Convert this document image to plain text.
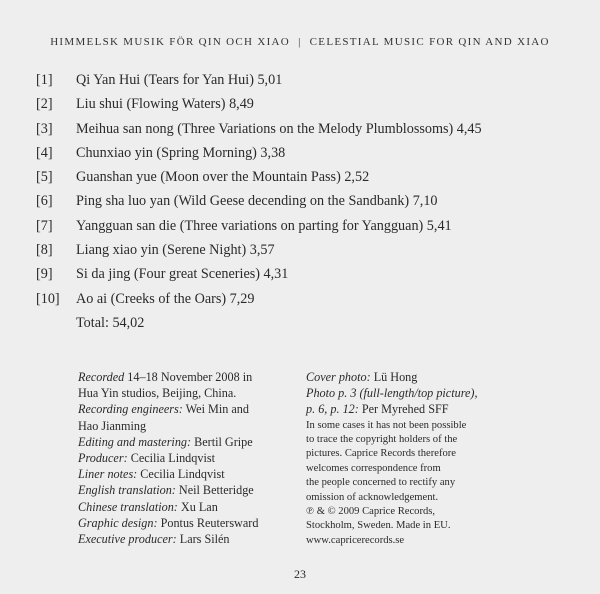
HIMMELSK MUSIK FÖR QIN OCH XIAO | CELESTIAL MUSIC FOR QIN AND XIAO
[1]	Qi Yan Hui (Tears for Yan Hui) 5,01
[2]	Liu shui (Flowing Waters) 8,49
[3]	Meihua san nong (Three Variations on the Melody Plumblossoms) 4,45
[4]	Chunxiao yin (Spring Morning) 3,38
[5]	Guanshan yue (Moon over the Mountain Pass) 2,52
[6]	Ping sha luo yan (Wild Geese decending on the Sandbank) 7,10
[7]	Yangguan san die (Three variations on parting for Yangguan) 5,41
[8]	Liang xiao yin (Serene Night) 3,57
[9]	Si da jing (Four great Sceneries) 4,31
[10]	Ao ai (Creeks of the Oars) 7,29
Total: 54,02
Recorded 14–18 November 2008 in
Hua Yin studios, Beijing, China.
Recording engineers: Wei Min and
Hao Jianming
Editing and mastering: Bertil Gripe
Producer: Cecilia Lindqvist
Liner notes: Cecilia Lindqvist
English translation: Neil Betteridge
Chinese translation: Xu Lan
Graphic design: Pontus Reutersward
Executive producer: Lars Silén
Cover photo: Lü Hong
Photo p. 3 (full-length/top picture),
p. 6, p. 12: Per Myrehed SFF
In some cases it has not been possible
to trace the copyright holders of the
pictures. Caprice Records therefore
welcomes correspondence from
the people concerned to rectify any
omission of acknowledgement.
℗ & © 2009 Caprice Records,
Stockholm, Sweden. Made in EU.
www.capricerecords.se
23
